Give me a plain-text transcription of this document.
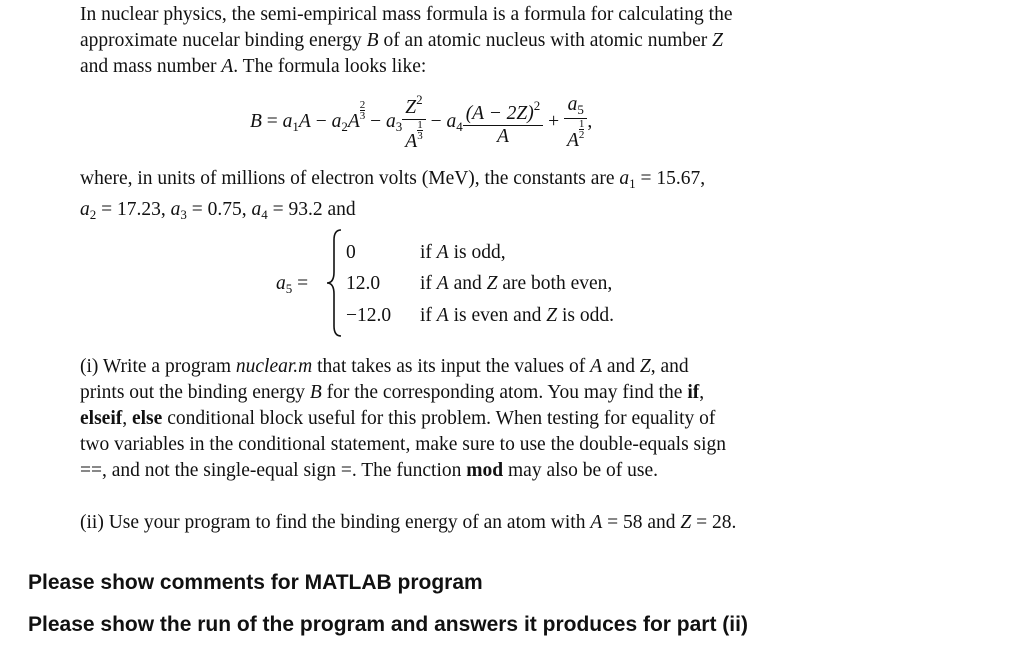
In nuclear physics, the semi-empirical mass formula is a formula for calculating the
approximate nucelar binding energy B of an atomic nucleus with atomic number Z
and mass number A. The formula looks like:
$B = a_1A - a_2A$
$\frac{2}{3}$
− $a_3$ $Z^2$
A
$\frac{1}{3} - a_4 \frac{(A - 2Z)^2}{A} + a_5$
A
$\frac{1}{2}$ ,
where, in units of millions of electron volts (MeV), the constants are $a_1 = 15.67$,
$a_2 = 17.23$, $a_3 = 0.75$, $a_4 = 93.2$ and
$a_5$ =
0	if A is odd,
12.0 if A and Z are both even,
−12.0 if A is even and Z is odd.
(i) Write a program nuclear.m that takes as its input the values of A and Z, and
prints out the binding energy B for the corresponding atom. You may find the if,
elseif, else conditional block useful for this problem. When testing for equality of
two variables in the conditional statement, make sure to use the double-equals sign
==, and not the single-equal sign =. The function mod may also be of use.
(ii) Use your program to find the binding energy of an atom with A = 58 and Z = 28.
Please show comments for MATLAB program
Please show the run of the program and answers it produces for part (ii)
